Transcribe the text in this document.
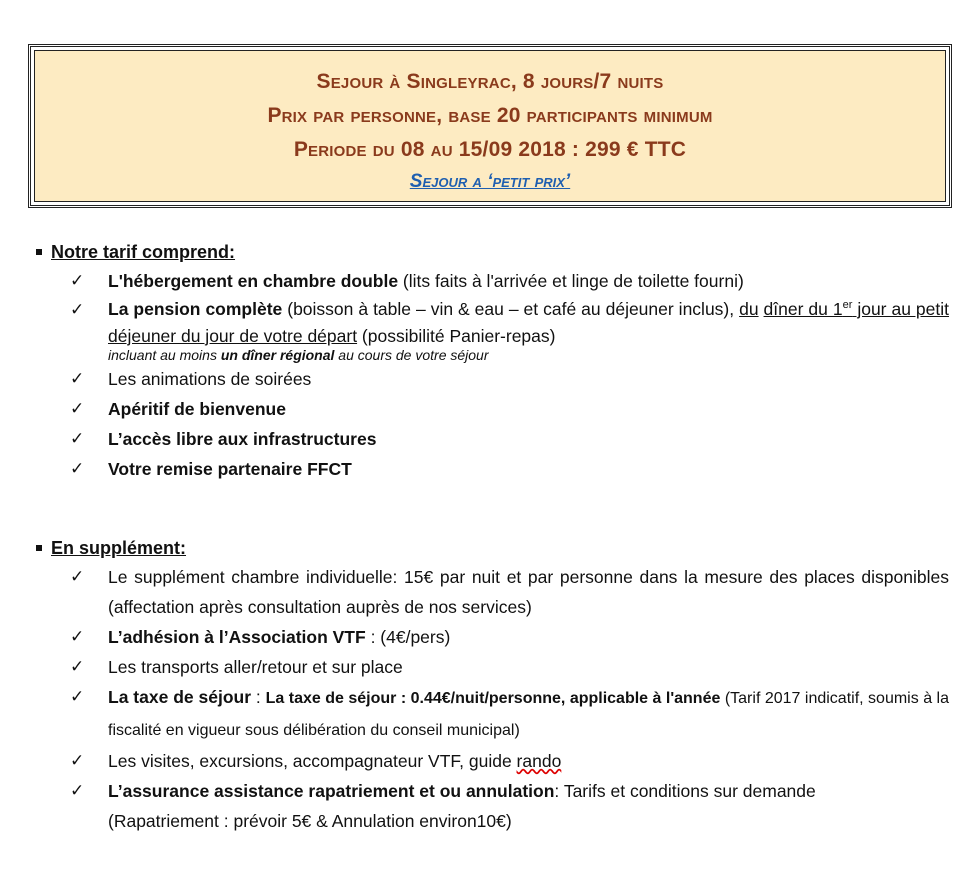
Sejour à Singleyrac, 8 jours/7 nuits
Prix par personne, base 20 participants minimum
Periode du 08 au 15/09 2018 : 299 € TTC
Sejour a ‘petit prix’
Notre tarif comprend:
✓	L'hébergement en chambre double (lits faits à l'arrivée et linge de toilette fourni)
✓	La pension complète (boisson à table – vin & eau – et café au déjeuner inclus), du dîner du 1er jour au petit déjeuner du jour de votre départ (possibilité Panier-repas)
incluant au moins un dîner régional au cours de votre séjour
✓	Les animations de soirées
✓	Apéritif de bienvenue
✓	L’accès libre aux infrastructures
✓	Votre remise partenaire FFCT
En supplément:
✓	Le supplément chambre individuelle: 15€ par nuit et par personne dans la mesure des places disponibles (affectation après consultation auprès de nos services)
✓	L’adhésion à l’Association VTF : (4€/pers)
✓	Les transports aller/retour et sur place
✓	La taxe de séjour : La taxe de séjour : 0.44€/nuit/personne, applicable à l'année (Tarif 2017 indicatif, soumis à la fiscalité en vigueur sous délibération du conseil municipal)
✓	Les visites, excursions, accompagnateur VTF, guide rando
✓	L’assurance assistance rapatriement et ou annulation: Tarifs et conditions sur demande
(Rapatriement : prévoir 5€ & Annulation environ10€)
